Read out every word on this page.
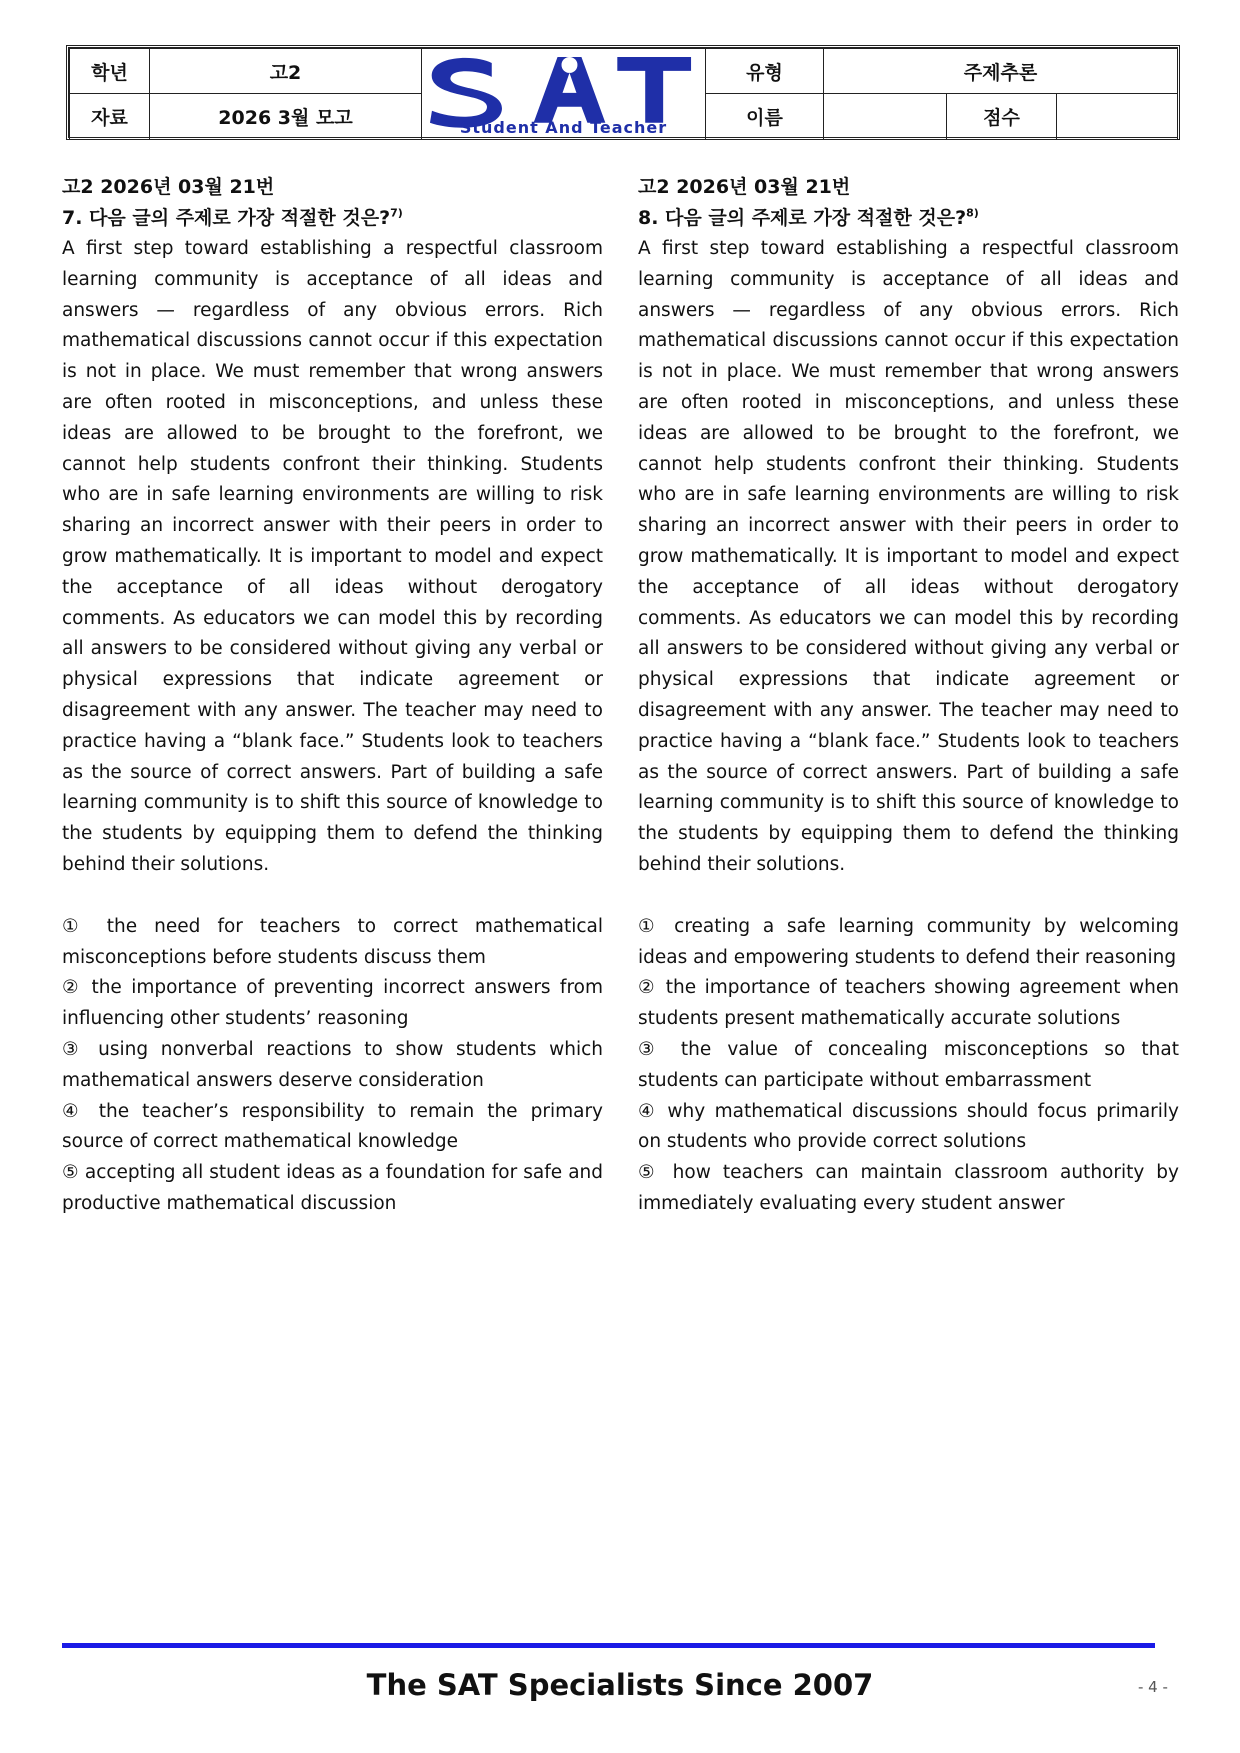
학년	고2	Student And Teacher	유형	주제추론		
자료	2026 3월 모고		이름		점수	
고2 2026년 03월 21번
7. 다음 글의 주제로 가장 적절한 것은?$^{7)}$
A first step toward establishing a respectful classroom learning community is acceptance of all ideas and answers — regardless of any obvious errors. Rich mathematical discussions cannot occur if this expectation is not in place. We must remember that wrong answers are often rooted in misconceptions, and unless these ideas are allowed to be brought to the forefront, we cannot help students confront their thinking. Students who are in safe learning environments are willing to risk sharing an incorrect answer with their peers in order to grow mathematically. It is important to model and expect the acceptance of all ideas without derogatory comments. As educators we can model this by recording all answers to be considered without giving any verbal or physical expressions that indicate agreement or disagreement with any answer. The teacher may need to practice having a “blank face.” Students look to teachers as the source of correct answers. Part of building a safe learning community is to shift this source of knowledge to the students by equipping them to defend the thinking behind their solutions.
① the need for teachers to correct mathematical misconceptions before students discuss them
② the importance of preventing incorrect answers from influencing other students’ reasoning
③ using nonverbal reactions to show students which mathematical answers deserve consideration
④ the teacher’s responsibility to remain the primary source of correct mathematical knowledge
⑤ accepting all student ideas as a foundation for safe and productive mathematical discussion
고2 2026년 03월 21번
8. 다음 글의 주제로 가장 적절한 것은?$^{8)}$
A first step toward establishing a respectful classroom learning community is acceptance of all ideas and answers — regardless of any obvious errors. Rich mathematical discussions cannot occur if this expectation is not in place. We must remember that wrong answers are often rooted in misconceptions, and unless these ideas are allowed to be brought to the forefront, we cannot help students confront their thinking. Students who are in safe learning environments are willing to risk sharing an incorrect answer with their peers in order to grow mathematically. It is important to model and expect the acceptance of all ideas without derogatory comments. As educators we can model this by recording all answers to be considered without giving any verbal or physical expressions that indicate agreement or disagreement with any answer. The teacher may need to practice having a “blank face.” Students look to teachers as the source of correct answers. Part of building a safe learning community is to shift this source of knowledge to the students by equipping them to defend the thinking behind their solutions.
① creating a safe learning community by welcoming ideas and empowering students to defend their reasoning
② the importance of teachers showing agreement when students present mathematically accurate solutions
③ the value of concealing misconceptions so that students can participate without embarrassment
④ why mathematical discussions should focus primarily on students who provide correct solutions
⑤ how teachers can maintain classroom authority by immediately evaluating every student answer
The SAT Specialists Since 2007	- 4 -
